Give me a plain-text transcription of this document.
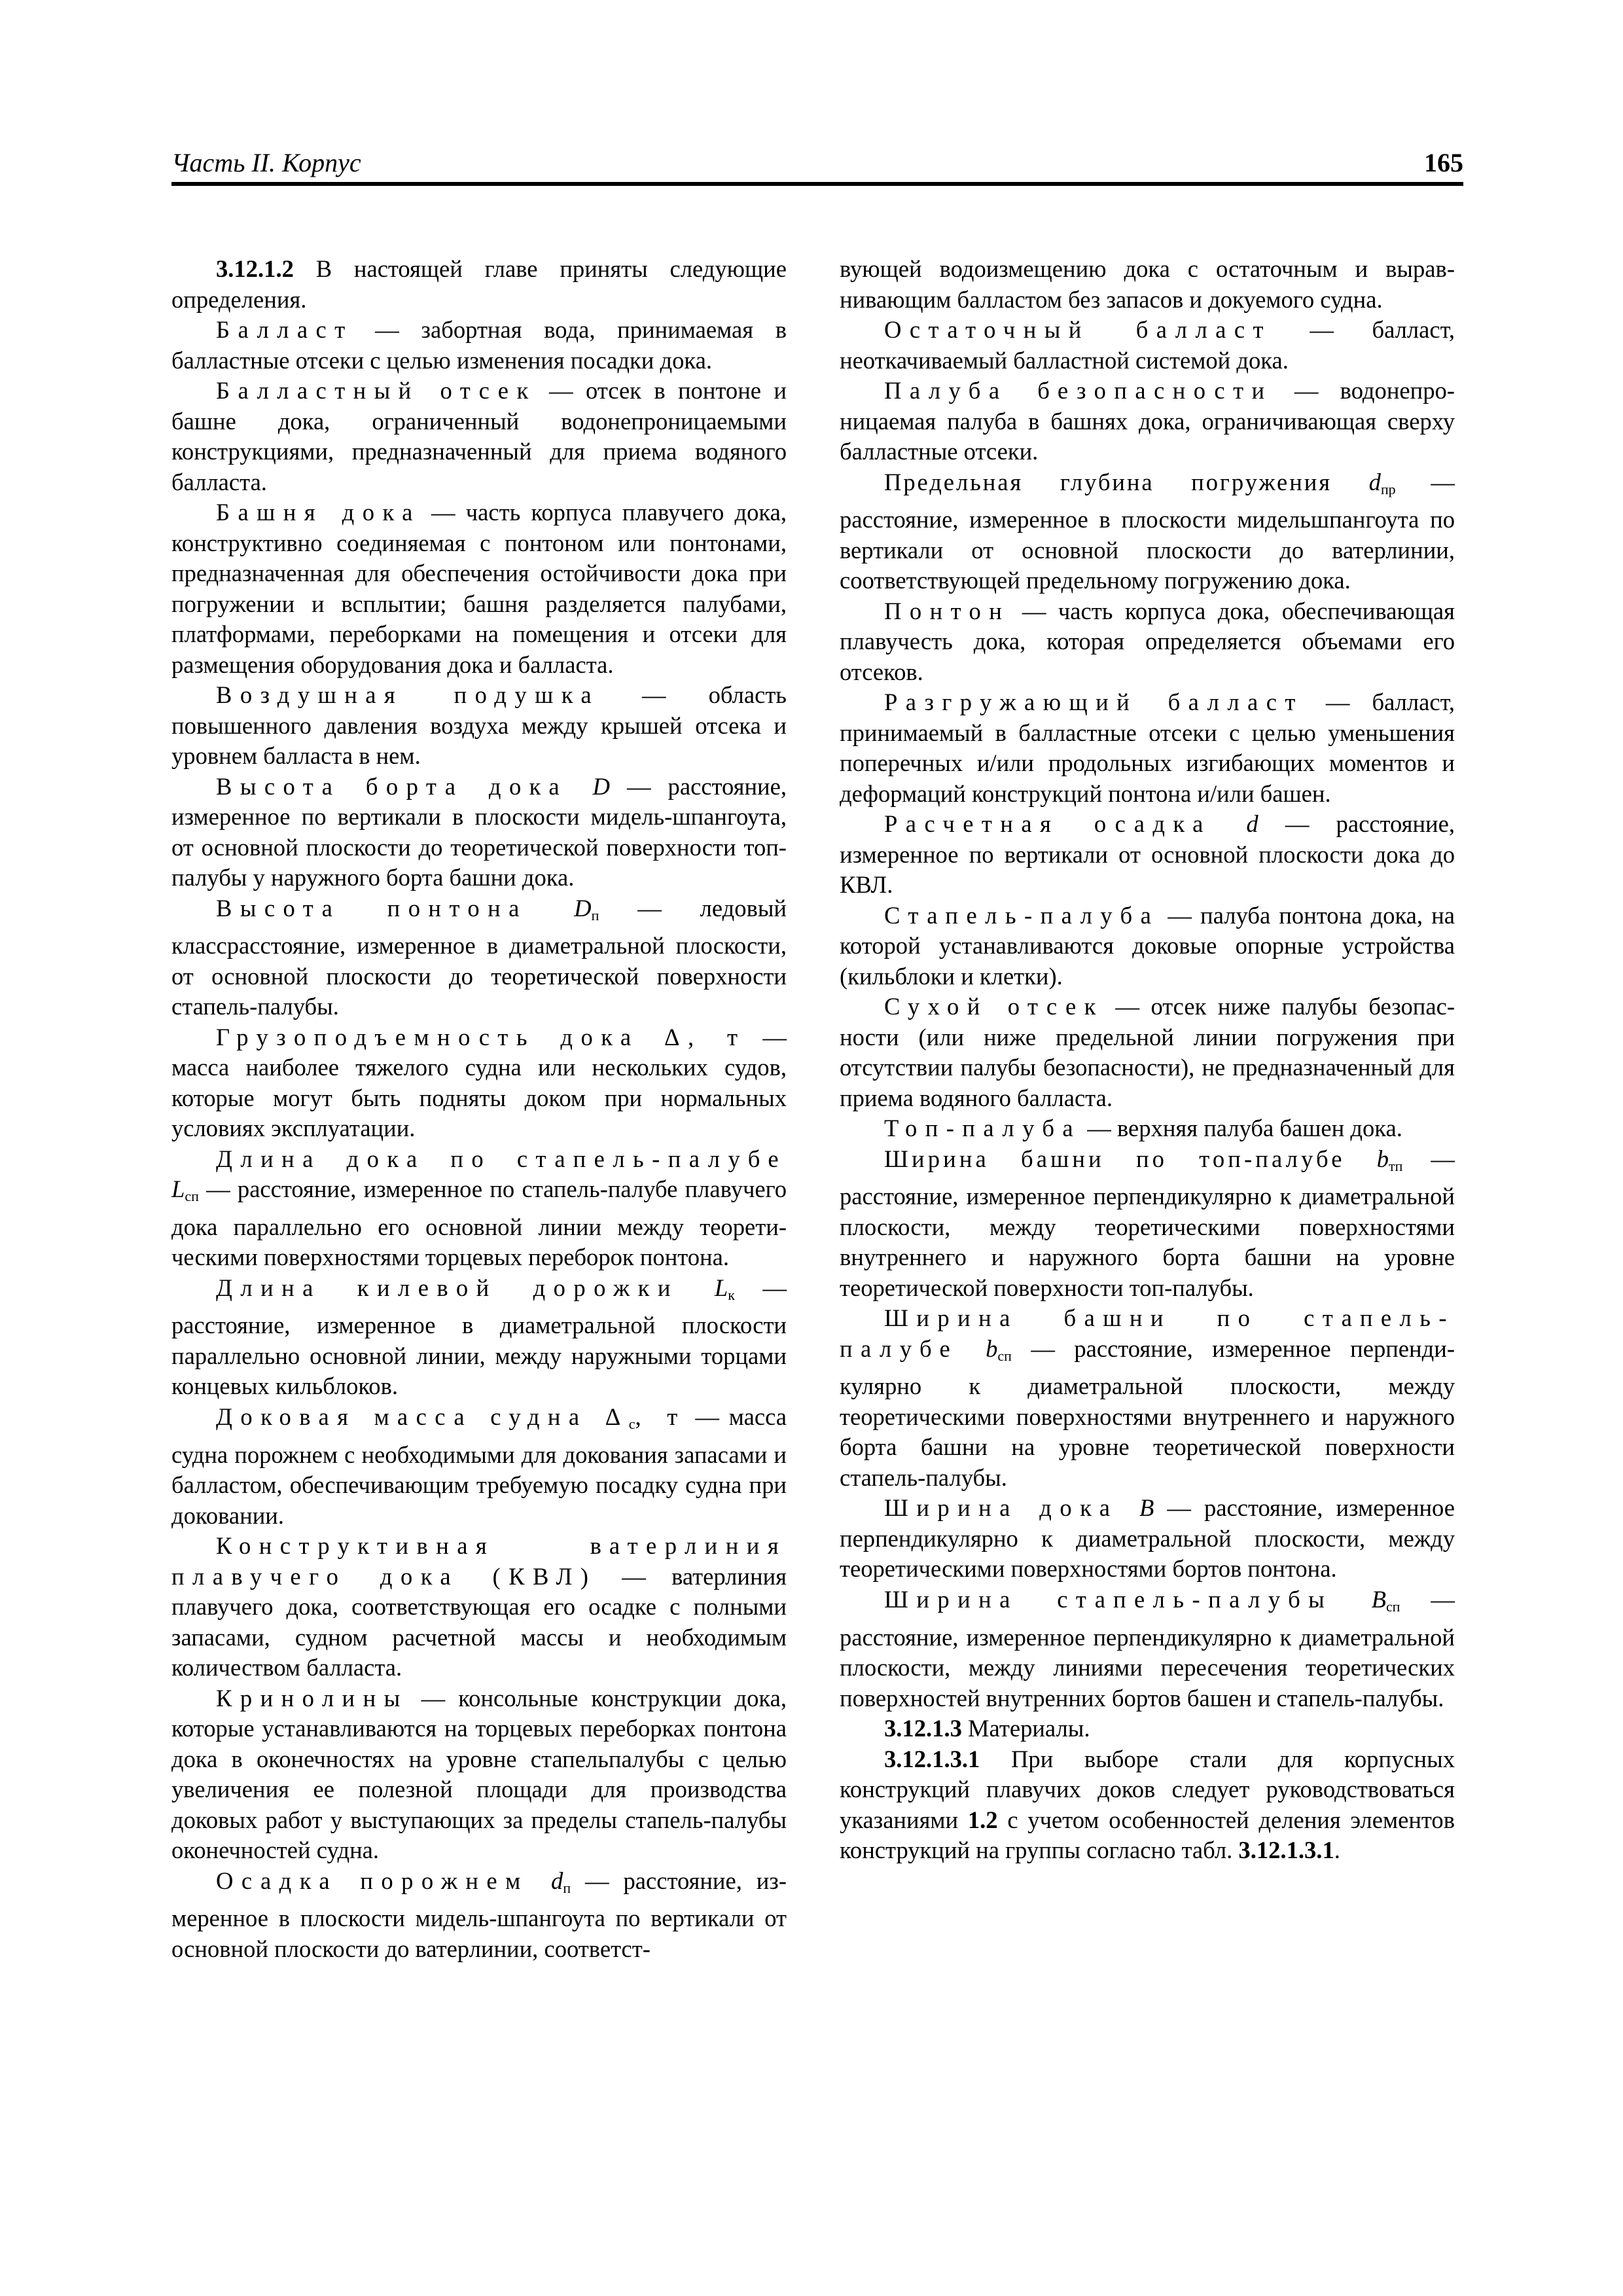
Часть II. Корпус	165

3.12.1.2 В настоящей главе приняты следующие определения.

Балласт — забортная вода, принимаемая в балластные отсеки с целью изменения посадки дока.

Балластный отсек — отсек в понтоне и башне дока, ограниченный водонепроницаемыми конструкциями, предназначенный для приема водяного балласта.

Башня дока — часть корпуса плавучего дока, конструктивно соединяемая с понтоном или понтонами, предназначенная для обеспечения остойчивости дока при погружении и всплытии; башня разделяется палубами, платформами, переборками на помещения и отсеки для размещения оборудования дока и балласта.

Воздушная подушка — область повышенного давления воздуха между крышей отсека и уровнем балласта в нем.

Высота борта дока D — расстояние, измеренное по вертикали в плоскости мидель-шпангоута, от основной плоскости до теоретической поверхности топ-палубы у наружного борта башни дока.

Высота понтона $D_п$ — ледовый классрасстояние, измеренное в диаметральной плоскости, от основной плоскости до теоретической поверхности стапель-палубы.

Грузоподъемность дока Δ, т — масса наиболее тяжелого судна или нескольких судов, которые могут быть подняты доком при нормальных условиях эксплуатации.

Длина дока по стапель-палубе $L_{сп}$ — расстояние, измеренное по стапель-палубе плавучего дока параллельно его основной линии между теоретическими поверхностями торцевых переборок понтона.

Длина килевой дорожки $L_к$ — расстояние, измеренное в диаметральной плоскости параллельно основной линии, между наружными торцами концевых кильблоков.

Доковая масса судна $\Delta_с$, т — масса судна порожнем с необходимыми для докования запасами и балластом, обеспечивающим требуемую посадку судна при доковании.

Конструктивная ватерлиния плавучего дока (КВЛ) — ватерлиния плавучего дока, соответствующая его осадке с полными запасами, судном расчетной массы и необходимым количеством балласта.

Кринолины — консольные конструкции дока, которые устанавливаются на торцевых переборках понтона дока в оконечностях на уровне стапельпалубы с целью увеличения ее полезной площади для производства доковых работ у выступающих за пределы стапель-палубы оконечностей судна.

Осадка порожнем $d_п$ — расстояние, измеренное в плоскости мидель-шпангоута по вертикали от основной плоскости до ватерлинии, соответст-

вующей водоизмещению дока с остаточным и выравнивающим балластом без запасов и докуемого судна.

Остаточный балласт — балласт, неоткачиваемый балластной системой дока.

Палуба безопасности — водонепроницаемая палуба в башнях дока, ограничивающая сверху балластные отсеки.

Предельная глубина погружения $d_{пр}$ — расстояние, измеренное в плоскости мидельшпангоута по вертикали от основной плоскости до ватерлинии, соответствующей предельному погружению дока.

Понтон — часть корпуса дока, обеспечивающая плавучесть дока, которая определяется объемами его отсеков.

Разгружающий балласт — балласт, принимаемый в балластные отсеки с целью уменьшения поперечных и/или продольных изгибающих моментов и деформаций конструкций понтона и/или башен.

Расчетная осадка d — расстояние, измеренное по вертикали от основной плоскости дока до КВЛ.

Стапель-палуба — палуба понтона дока, на которой устанавливаются доковые опорные устройства (кильблоки и клетки).

Сухой отсек — отсек ниже палубы безопасности (или ниже предельной линии погружения при отсутствии палубы безопасности), не предназначенный для приема водяного балласта.

Топ-палуба — верхняя палуба башен дока.

Ширина башни по топ-палубе $b_{тп}$ — расстояние, измеренное перпендикулярно к диаметральной плоскости, между теоретическими поверхностями внутреннего и наружного борта башни на уровне теоретической поверхности топ-палубы.

Ширина башни по стапель-палубе $b_{сп}$ — расстояние, измеренное перпендикулярно к диаметральной плоскости, между теоретическими поверхностями внутреннего и наружного борта башни на уровне теоретической поверхности стапель-палубы.

Ширина дока B — расстояние, измеренное перпендикулярно к диаметральной плоскости, между теоретическими поверхностями бортов понтона.

Ширина стапель-палубы $B_{сп}$ — расстояние, измеренное перпендикулярно к диаметральной плоскости, между линиями пересечения теоретических поверхностей внутренних бортов башен и стапель-палубы.

3.12.1.3 Материалы.

3.12.1.3.1 При выборе стали для корпусных конструкций плавучих доков следует руководствоваться указаниями 1.2 с учетом особенностей деления элементов конструкций на группы согласно табл. 3.12.1.3.1.
